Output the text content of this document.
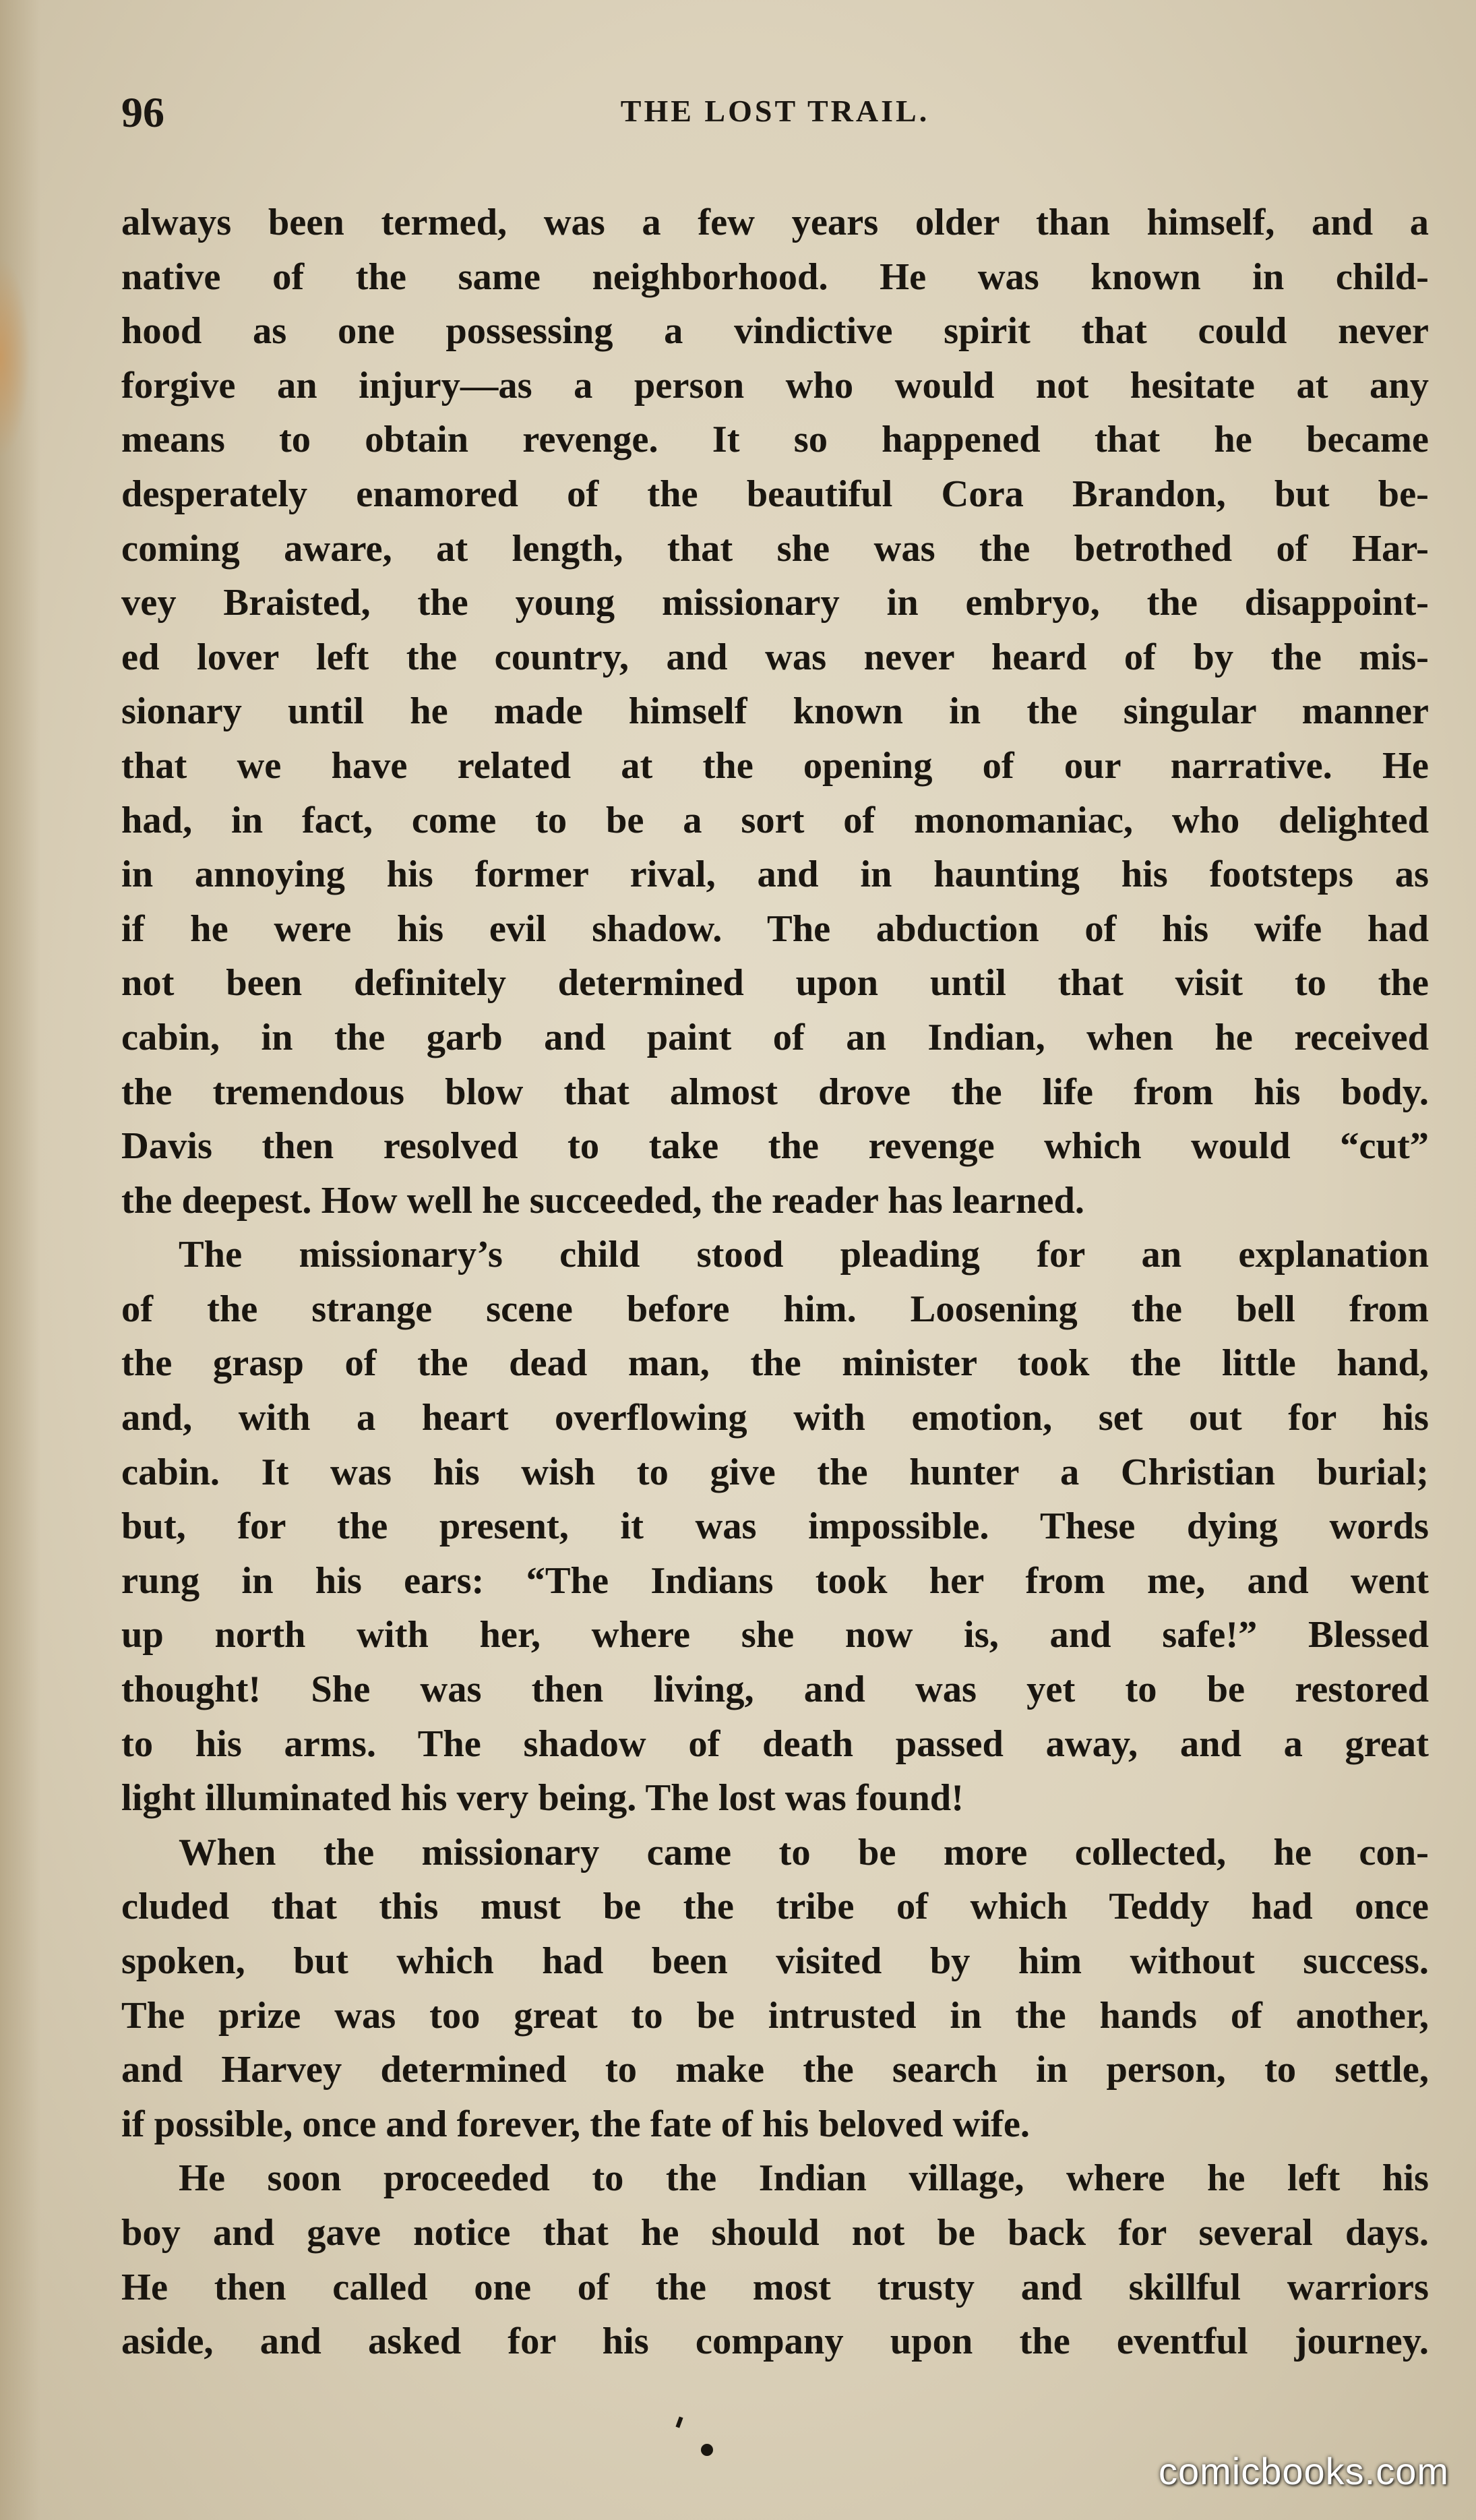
96	THE LOST TRAIL.

always been termed, was a few years older than himself, and a

native of the same neighborhood. He was known in child-

hood as one possessing a vindictive spirit that could never

forgive an injury—as a person who would not hesitate at any

means to obtain revenge. It so happened that he became

desperately enamored of the beautiful Cora Brandon, but be-

coming aware, at length, that she was the betrothed of Har-

vey Braisted, the young missionary in embryo, the disappoint-

ed lover left the country, and was never heard of by the mis-

sionary until he made himself known in the singular manner

that we have related at the opening of our narrative. He

had, in fact, come to be a sort of monomaniac, who delighted

in annoying his former rival, and in haunting his footsteps as

if he were his evil shadow. The abduction of his wife had

not been definitely determined upon until that visit to the

cabin, in the garb and paint of an Indian, when he received

the tremendous blow that almost drove the life from his body.

Davis then resolved to take the revenge which would “cut”

the deepest. How well he succeeded, the reader has learned.

The missionary’s child stood pleading for an explanation

of the strange scene before him. Loosening the bell from

the grasp of the dead man, the minister took the little hand,

and, with a heart overflowing with emotion, set out for his

cabin. It was his wish to give the hunter a Christian burial;

but, for the present, it was impossible. These dying words

rung in his ears: “The Indians took her from me, and went

up north with her, where she now is, and safe!” Blessed

thought! She was then living, and was yet to be restored

to his arms. The shadow of death passed away, and a great

light illuminated his very being. The lost was found!

When the missionary came to be more collected, he con-

cluded that this must be the tribe of which Teddy had once

spoken, but which had been visited by him without success.

The prize was too great to be intrusted in the hands of another,

and Harvey determined to make the search in person, to settle,

if possible, once and forever, the fate of his beloved wife.

He soon proceeded to the Indian village, where he left his

boy and gave notice that he should not be back for several days.

He then called one of the most trusty and skillful warriors

aside, and asked for his company upon the eventful journey.

comicbooks.com
